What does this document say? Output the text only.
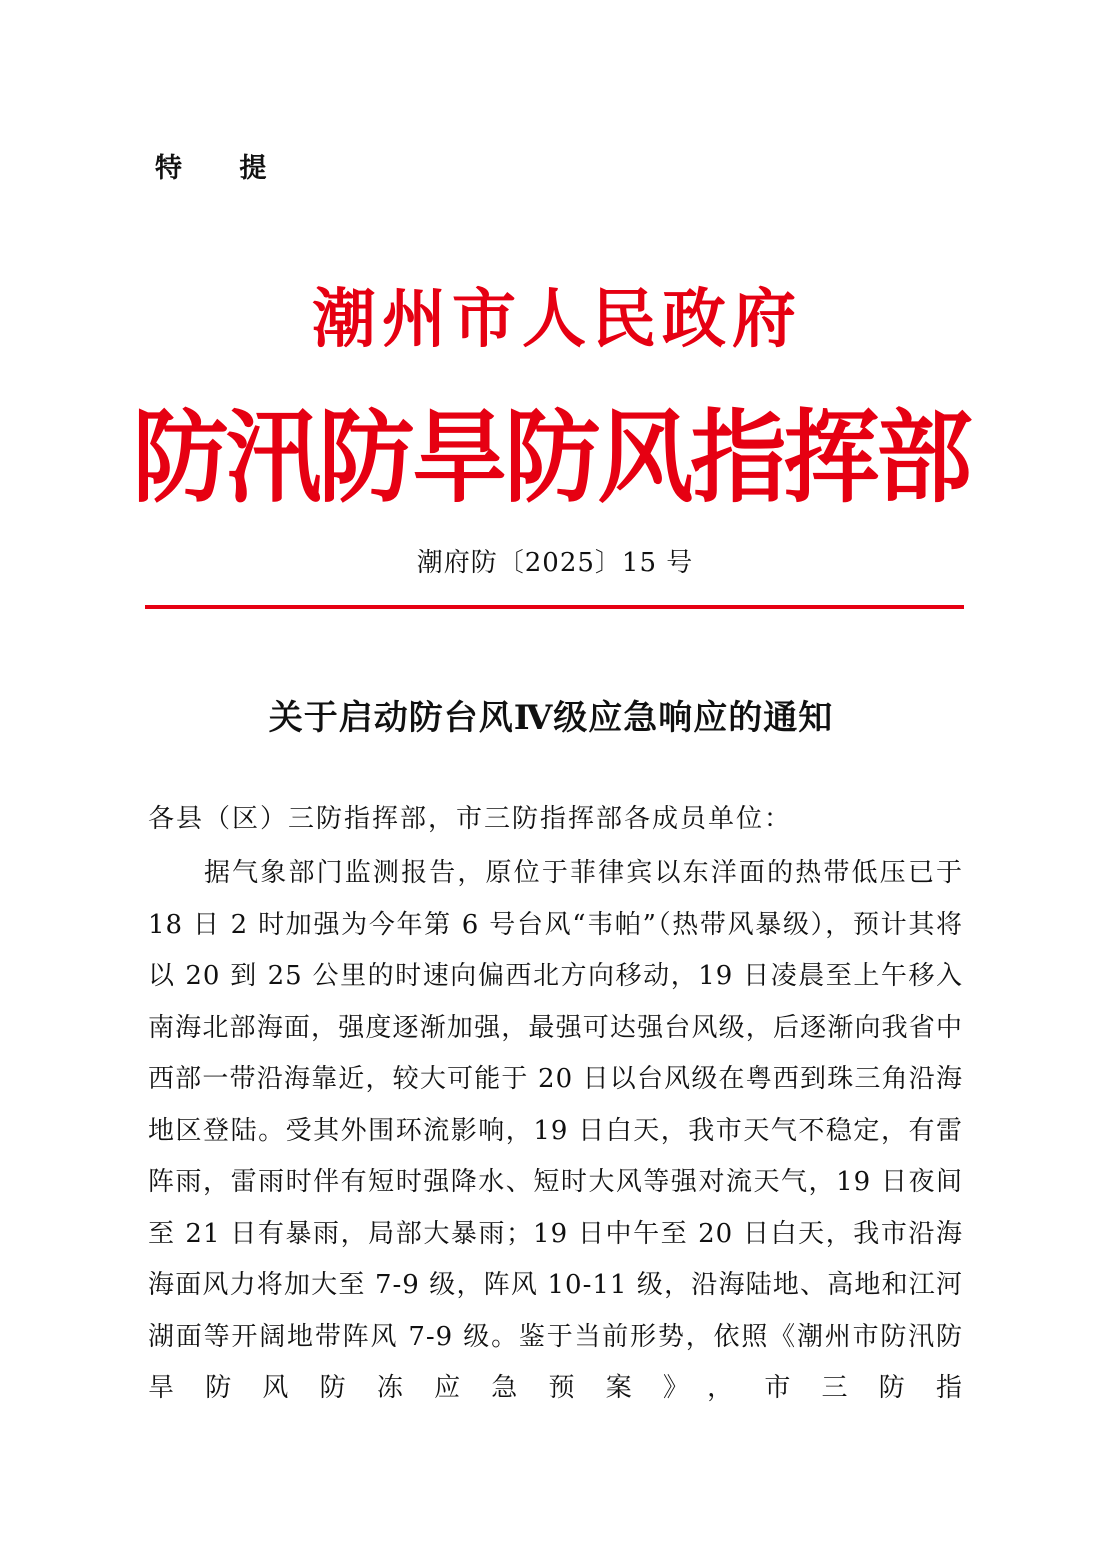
特 提
潮州市人民政府
防汛防旱防风指挥部
潮府防〔2025〕15 号
关于启动防台风Ⅳ级应急响应的通知
各县（区）三防指挥部，市三防指挥部各成员单位：

据气象部门监测报告，原位于菲律宾以东洋面的热带低压已于 18 日 2 时加强为今年第 6 号台风“韦帕”（热带风暴级），预计其将以 20 到 25 公里的时速向偏西北方向移动，19 日凌晨至上午移入南海北部海面，强度逐渐加强，最强可达强台风级，后逐渐向我省中西部一带沿海靠近，较大可能于 20 日以台风级在粤西到珠三角沿海地区登陆。受其外围环流影响，19 日白天，我市天气不稳定，有雷阵雨，雷雨时伴有短时强降水、短时大风等强对流天气，19 日夜间至 21 日有暴雨，局部大暴雨；19 日中午至 20 日白天，我市沿海海面风力将加大至 7-9 级，阵风 10-11 级，沿海陆地、高地和江河湖面等开阔地带阵风 7-9 级。鉴于当前形势，依照《潮州市防汛防旱防风防冻应急预案》，市三防指
